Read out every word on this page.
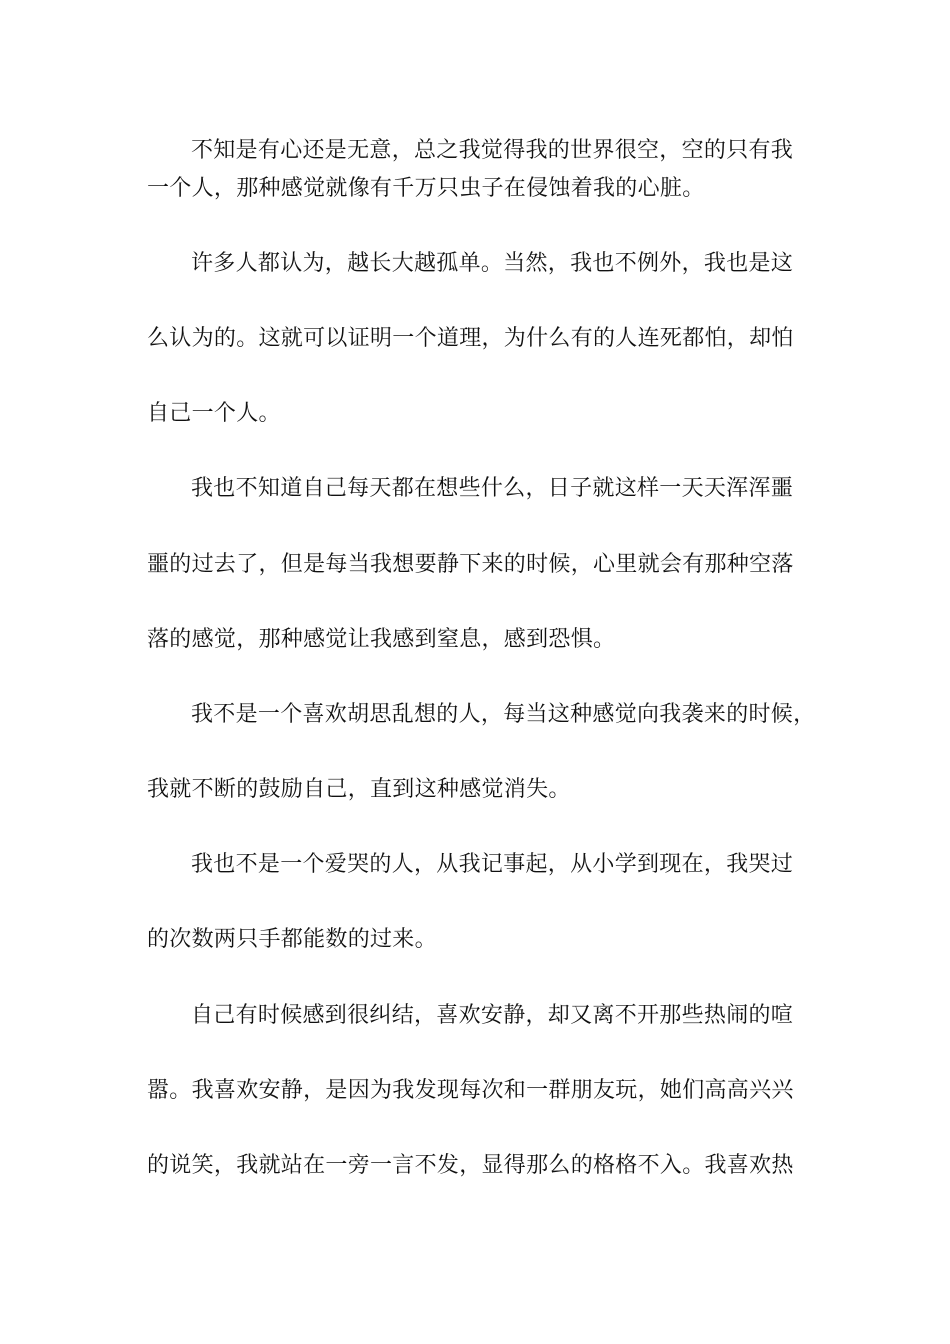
不知是有心还是无意，总之我觉得我的世界很空，空的只有我
一个人，那种感觉就像有千万只虫子在侵蚀着我的心脏。
许多人都认为，越长大越孤单。当然，我也不例外，我也是这
么认为的。这就可以证明一个道理，为什么有的人连死都怕，却怕
自己一个人。
我也不知道自己每天都在想些什么，日子就这样一天天浑浑噩
噩的过去了，但是每当我想要静下来的时候，心里就会有那种空落
落的感觉，那种感觉让我感到窒息，感到恐惧。
我不是一个喜欢胡思乱想的人，每当这种感觉向我袭来的时候，
我就不断的鼓励自己，直到这种感觉消失。
我也不是一个爱哭的人，从我记事起，从小学到现在，我哭过
的次数两只手都能数的过来。
自己有时候感到很纠结，喜欢安静，却又离不开那些热闹的喧
嚣。我喜欢安静，是因为我发现每次和一群朋友玩，她们高高兴兴
的说笑，我就站在一旁一言不发，显得那么的格格不入。我喜欢热
